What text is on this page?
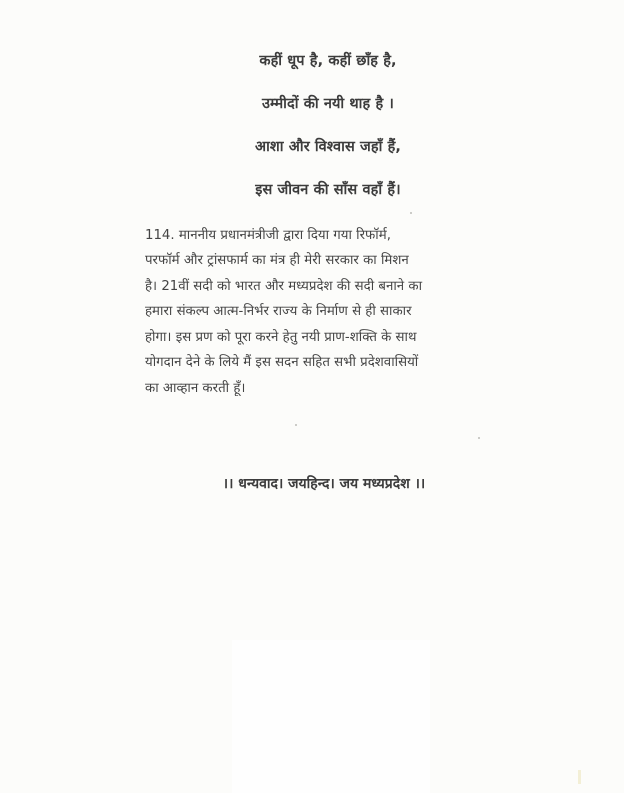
कहीं धूप है, कहीं छाँह है,
उम्मीदों की नयी थाह है ।
आशा और विश्वास जहाँ हैं,
इस जीवन की साँस वहाँ हैं।
114. माननीय प्रधानमंत्रीजी द्वारा दिया गया रिफॉर्म,
परफॉर्म और ट्रांसफार्म का मंत्र ही मेरी सरकार का मिशन
है। 21वीं सदी को भारत और मध्यप्रदेश की सदी बनाने का
हमारा संकल्प आत्म-निर्भर राज्य के निर्माण से ही साकार
होगा। इस प्रण को पूरा करने हेतु नयी प्राण-शक्ति के साथ
योगदान देने के लिये मैं इस सदन सहित सभी प्रदेशवासियों
का आव्हान करती हूँ।
।। धन्यवाद। जयहिन्द। जय मध्यप्रदेश ।।
